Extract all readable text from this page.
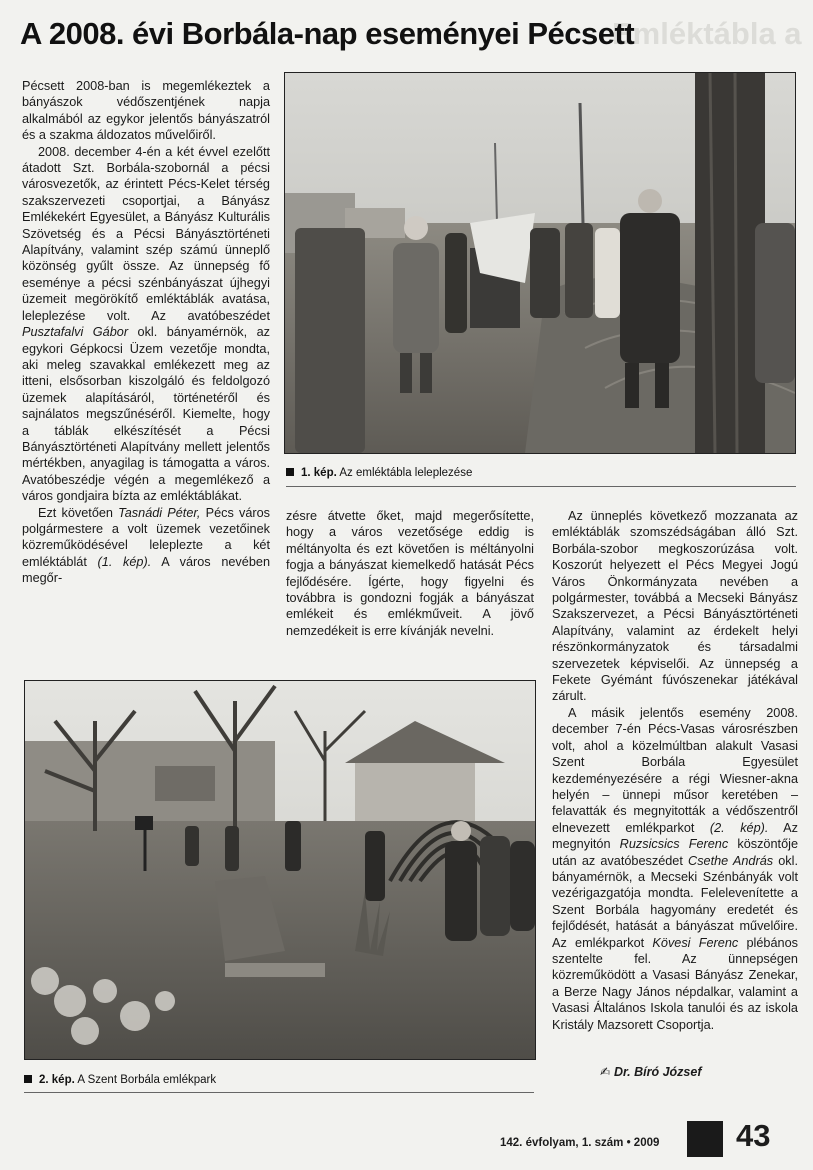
Emléktábla a
A 2008. évi Borbála-nap eseményei Pécsett

Pécsett 2008-ban is megemlékeztek a bányászok védőszentjének napja alkalmából az egykor jelentős bányászatról és a szakma áldozatos művelőiről.

2008. december 4-én a két évvel ezelőtt átadott Szt. Borbála-szobornál a pécsi városvezetők, az érintett Pécs-Kelet térség szakszervezeti csoportjai, a Bányász Emlékekért Egyesület, a Bányász Kulturális Szövetség és a Pécsi Bányásztörténeti Alapítvány, valamint szép számú ünneplő közönség gyűlt össze. Az ünnepség fő eseménye a pécsi szénbányászat újhegyi üzemeit megörökítő emléktáblák avatása, leleplezése volt. Az avatóbeszédet Pusztafalvi Gábor okl. bányamérnök, az egykori Gépkocsi Üzem vezetője mondta, aki meleg szavakkal emlékezett meg az itteni, elsősorban kiszolgáló és feldolgozó üzemek alapításáról, történetéről és sajnálatos megszűnéséről. Kiemelte, hogy a táblák elkészítését a Pécsi Bányásztörténeti Alapítvány mellett jelentős mértékben, anyagilag is támogatta a város. Avatóbeszédje végén a megemlékező a város gondjaira bízta az emléktáblákat.

Ezt követően Tasnádi Péter, Pécs város polgármestere a volt üzemek vezetőinek közreműködésével leleplezte a két emléktáblát (1. kép). A város nevében megőr-

1. kép. Az emléktábla leleplezése

zésre átvette őket, majd megerősítette, hogy a város vezetősége eddig is méltányolta és ezt követően is méltányolni fogja a bányászat kiemelkedő hatását Pécs fejlődésére. Ígérte, hogy figyelni és továbbra is gondozni fogják a bányászat emlékeit és emlékműveit. A jövő nemzedékeit is erre kívánják nevelni.

Az ünneplés következő mozzanata az emléktáblák szomszédságában álló Szt. Borbála-szobor megkoszorúzása volt. Koszorút helyezett el Pécs Megyei Jogú Város Önkormányzata nevében a polgármester, továbbá a Mecseki Bányász Szakszervezet, a Pécsi Bányásztörténeti Alapítvány, valamint az érdekelt helyi részönkormányzatok és társadalmi szervezetek képviselői. Az ünnepség a Fekete Gyémánt fúvószenekar játékával zárult.

A másik jelentős esemény 2008. december 7-én Pécs-Vasas városrészben volt, ahol a közelmúltban alakult Vasasi Szent Borbála Egyesület kezdeményezésére a régi Wiesner-akna helyén – ünnepi műsor keretében – felavatták és megnyitották a védőszentről elnevezett emlékparkot (2. kép). Az megnyitón Ruzsicsics Ferenc köszöntője után az avatóbeszédet Csethe András okl. bányamérnök, a Mecseki Szénbányák volt vezérigazgatója mondta. Felelevenítette a Szent Borbála hagyomány eredetét és fejlődését, hatását a bányászat művelőire. Az emlékparkot Kövesi Ferenc plébános szentelte fel. Az ünnepségen közreműködött a Vasasi Bányász Zenekar, a Berze Nagy János népdalkar, valamint a Vasasi Általános Iskola tanulói és az iskola Kristály Mazsorett Csoportja.

2. kép. A Szent Borbála emlékpark
✍ Dr. Bíró József
142. évfolyam, 1. szám • 2009 43
